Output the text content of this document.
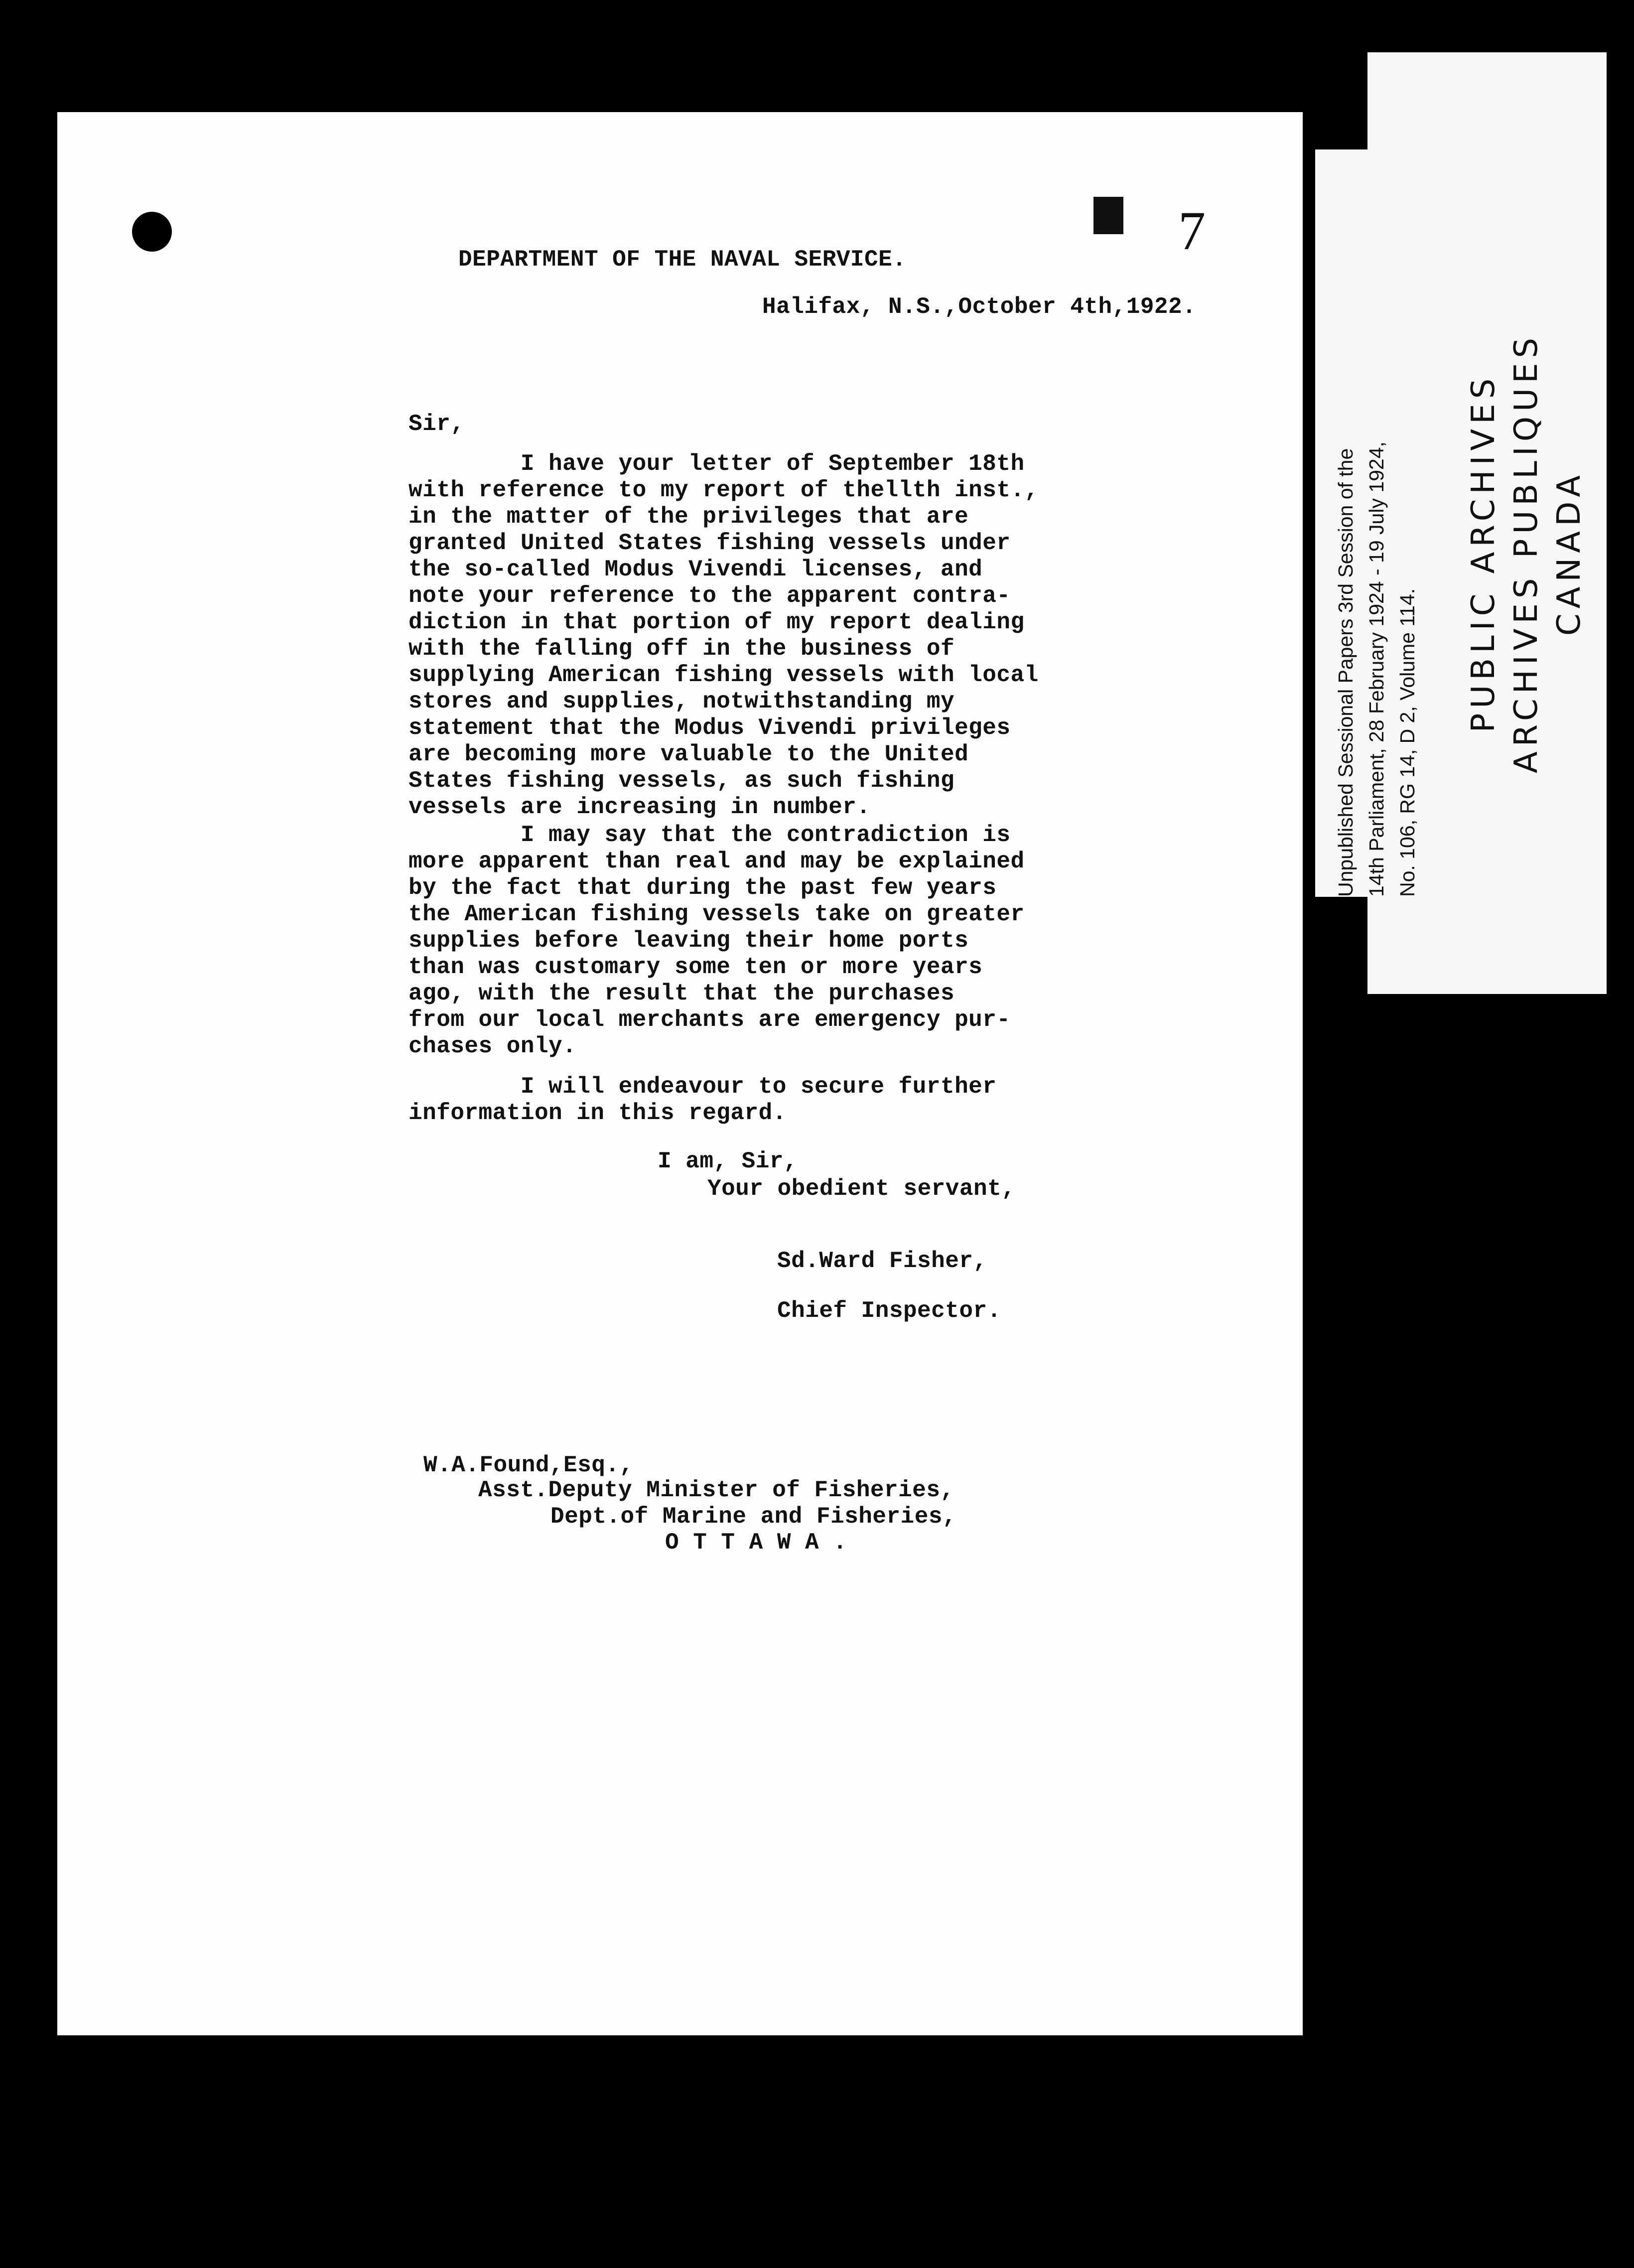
7
DEPARTMENT OF THE NAVAL SERVICE.
Halifax, N.S.,October 4th,1922.
Sir,
I have your letter of September 18th
with reference to my report of thellth inst.,
in the matter of the privileges that are
granted United States fishing vessels under
the so-called Modus Vivendi licenses, and
note your reference to the apparent contra-
diction in that portion of my report dealing
with the falling off in the business of
supplying American fishing vessels with local
stores and supplies, notwithstanding my
statement that the Modus Vivendi privileges
are becoming more valuable to the United
States fishing vessels, as such fishing
vessels are increasing in number.
I may say that the contradiction is
more apparent than real and may be explained
by the fact that during the past few years
the American fishing vessels take on greater
supplies before leaving their home ports
than was customary some ten or more years
ago, with the result that the purchases
from our local merchants are emergency pur-
chases only.
I will endeavour to secure further
information in this regard.
I am, Sir,
Your obedient servant,
Sd.Ward Fisher,
Chief Inspector.
W.A.Found,Esq.,
Asst.Deputy Minister of Fisheries,
Dept.of Marine and Fisheries,
O T T A W A .
PUBLIC ARCHIVES ARCHIVES PUBLIQUES CANADA
Unpublished Sessional Papers 3rd Session of the 14th Parliament, 28 February 1924 - 19 July 1924, No. 106, RG 14, D 2, Volume 114.
